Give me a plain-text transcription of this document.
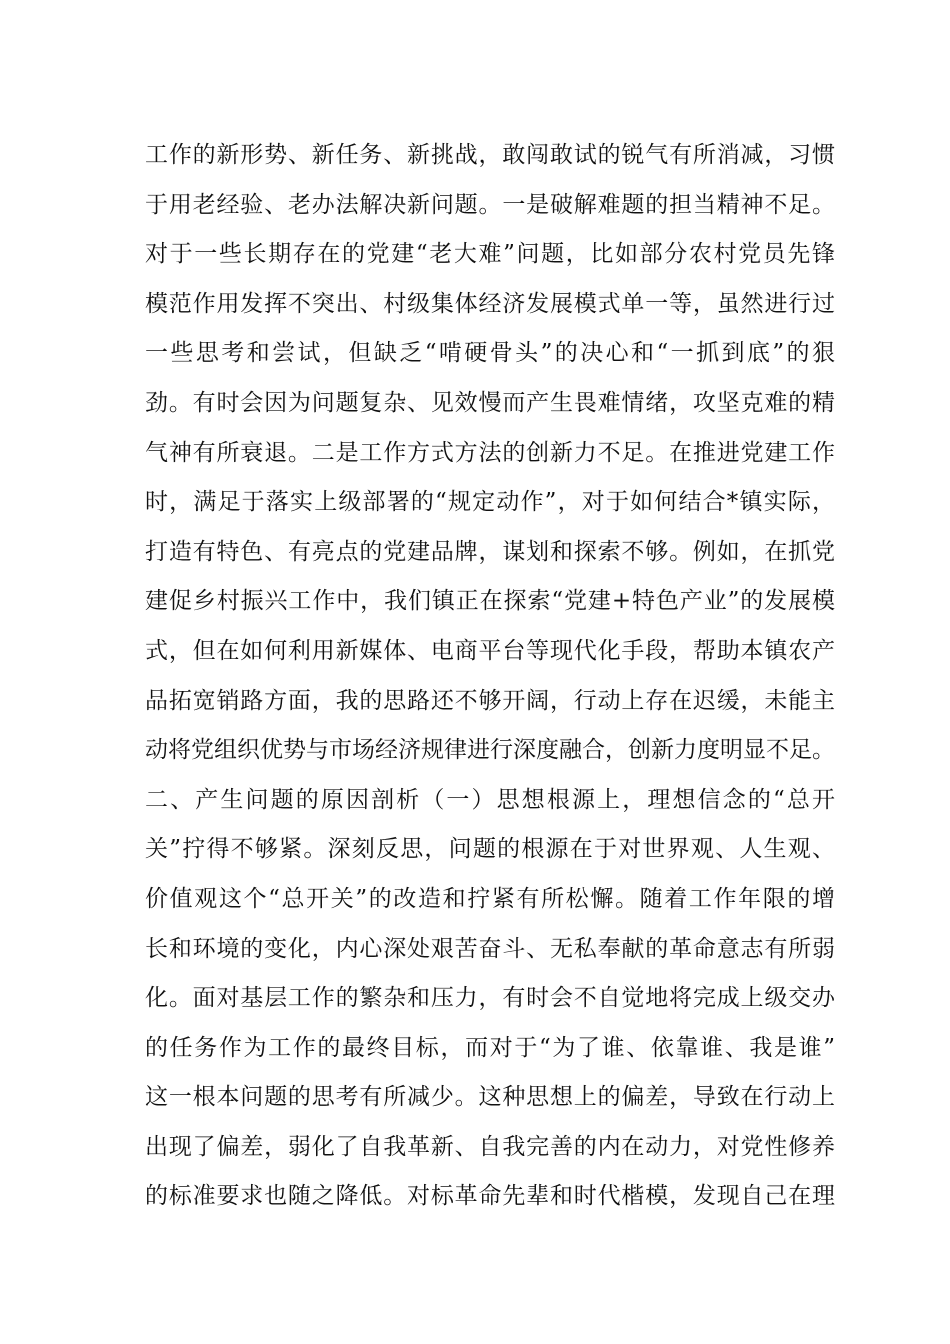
工作的新形势、新任务、新挑战，敢闯敢试的锐气有所消减，习惯
于用老经验、老办法解决新问题。一是破解难题的担当精神不足。
对于一些长期存在的党建“老大难”问题，比如部分农村党员先锋
模范作用发挥不突出、村级集体经济发展模式单一等，虽然进行过
一些思考和尝试，但缺乏“啃硬骨头”的决心和“一抓到底”的狠
劲。有时会因为问题复杂、见效慢而产生畏难情绪，攻坚克难的精
气神有所衰退。二是工作方式方法的创新力不足。在推进党建工作
时，满足于落实上级部署的“规定动作”，对于如何结合*镇实际，
打造有特色、有亮点的党建品牌，谋划和探索不够。例如，在抓党
建促乡村振兴工作中，我们镇正在探索“党建+特色产业”的发展模
式，但在如何利用新媒体、电商平台等现代化手段，帮助本镇农产
品拓宽销路方面，我的思路还不够开阔，行动上存在迟缓，未能主
动将党组织优势与市场经济规律进行深度融合，创新力度明显不足。
二、产生问题的原因剖析（一）思想根源上，理想信念的“总开
关”拧得不够紧。深刻反思，问题的根源在于对世界观、人生观、
价值观这个“总开关”的改造和拧紧有所松懈。随着工作年限的增
长和环境的变化，内心深处艰苦奋斗、无私奉献的革命意志有所弱
化。面对基层工作的繁杂和压力，有时会不自觉地将完成上级交办
的任务作为工作的最终目标，而对于“为了谁、依靠谁、我是谁”
这一根本问题的思考有所减少。这种思想上的偏差，导致在行动上
出现了偏差，弱化了自我革新、自我完善的内在动力，对党性修养
的标准要求也随之降低。对标革命先辈和时代楷模，发现自己在理
